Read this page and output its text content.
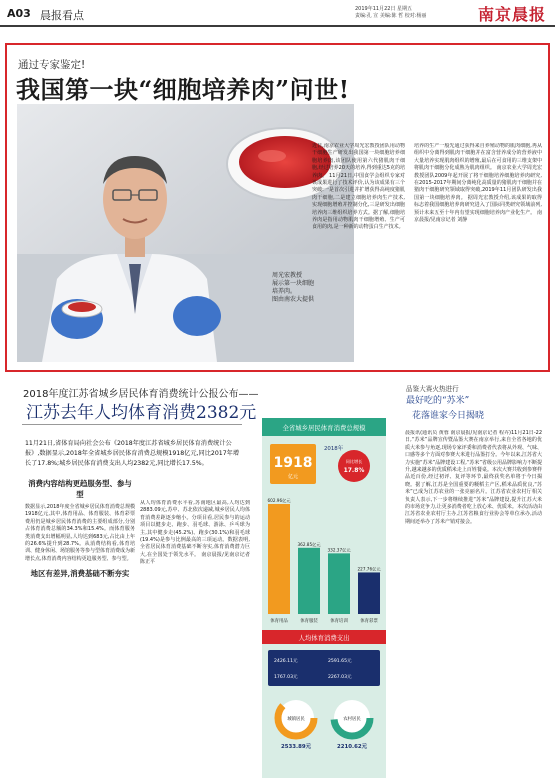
A03 晨报看点	2019年11月22日 星期五
责编:孔 宣 美编:陈 哲 校对:杨丽	南京晨报
通过专家鉴定!
我国第一块“细胞培养肉”问世!
周光宏教授
展示第一块细胞
培养肉。
图由南农大提供
近日,南京农业大学周光宏教授团队用动物干细胞生产研发出我国第一块细胞培养细胞培养肉,该团队使用第六代猪肌肉干细胞,经过培养20天的培养,得到重达5克的培养肉。 11月21日,中国食学会组织专家对该成果进行了技术评价,认为该成果有三个突破:一是首次引进并扩增获得高纯度猪肌肉干细胞,二是建立细胞培养肉生产技术,实现细胞增殖并控制分化,三是研发出细胞培养肉三维组织培养方式。据了解,细胞培养肉是指用动物肌肉干细胞增殖、生产可食用的肉,是一种新的动物蛋白生产技术。
培养的生产一般先通过获得来自养殖动物的肌肉细胞,再从组织中分离得到肌肉干细胞并在富含营养成分的营养液中大量培养实现肌肉组织的增殖,最后在可食用的三维支架中将肌肉干细胞分化成熟为肌肉组织。 南京农业大学周光宏教授团队2009年起开展了将干细胞培养细胞培养肉研究,在2015-2017年期间分离纯化高质量的猪肌肉干细胞并在猪肉干细胞研究领域取得突破,2019年11月团队研发出我国第一块细胞培养肉。 据周光宏教授介绍,该成果的取得标志着我国细胞培养肉研究进入了国际同类研究领域前列,预计未来五至十年内有望实现细胞培养肉产业化生产。 南京晨报/见南京记者 刘静
2018年度江苏省城乡居民体育消费统计公报公布——
江苏去年人均体育消费2382元
11月21日,省体育局向社会公布《2018年度江苏省城乡居民体育消费统计公报》,数据显示,2018年全省城乡居民体育消费总规模1918亿元,同比2017年增长了17.8%;城乡居民体育消费支出人均2382元,同比增长17.5%。
消费内容结构更趋服务型、参与型
数据显示,2018年度全省城乡居民体育消费总规模1918亿元,其中,体育用品、体育服装、体育彩票费用仍是城乡居民体育消费的主要组成部分,分别占体育消费总额的34.3%和15.4%。而体育服务类消费支出增幅明显,人均达到683元,占比由上年的26.6%提升到28.7%。从消费结构看,体育培训、健身休闲、场馆服务等参与型体育消费成为新增长点,体育消费内容结构更趋服务型、参与型。
地区有差异,消费基础不断夯实
从人均体育消费水平看,苏南地区最高,人均达到2883.09元,苏中、苏北依次递减,城乡居民人均体育消费差距逐步缩小。分项目看,居民参与的运动项目以健步走、跑步、羽毛球、游泳、乒乓球为主,其中健步走(45.2%)、跑步(30.1%)和羽毛球(19.4%)是参与比例最高的三项运动。数据表明,全省居民体育消费基础不断夯实,体育消费潜力巨大,在全国处于领先水平。 南京晨报/见南京记者 陈正平
全省城乡居民体育消费总规模
1918
亿元
2018年
同比增长
17.8%
602.96亿元
体育用品
362.85亿元
体育服装
332.37亿元
体育培训
227.76亿元
体育彩票
人均体育消费支出
2426.11元	2591.65元
1767.03元	2267.03元
城镇居民	农村居民
2533.89元	2210.62元
品鉴大赛火热进行
最好吃的“苏米”
花落谁家今日揭晓
晨报讯(通讯员 黄蓉 南京晨报/见南京记者 程卉)11月21日-22日,“苏米”品牌宣传暨品鉴大赛在南京举行,来自全省各地的优质大米参与角逐,现场专家评委和消费者代表将从外观、气味、口感等多个方面对参赛大米进行品鉴打分。今年以来,江苏省大力实施“苏米”品牌建设工程,“苏米”省级公用品牌影响力不断提升,越来越多的优质稻米走上百姓餐桌。本次大赛共收到参赛样品近百份,经过初评、复评等环节,最终获奖名单将于今日揭晓。据了解,江苏是全国重要的粳稻主产区,稻米品质优良,“苏米”已成为江苏农业的一张亮丽名片。江苏省农业农村厅相关负责人表示,下一步将继续推进“苏米”品牌建设,提升江苏大米的市场竞争力,让更多消费者吃上放心米、优质米。本次活动由江苏省农业农村厅主办,江苏省粮食行业协会等单位承办,活动期间还举办了苏米产销对接会。
